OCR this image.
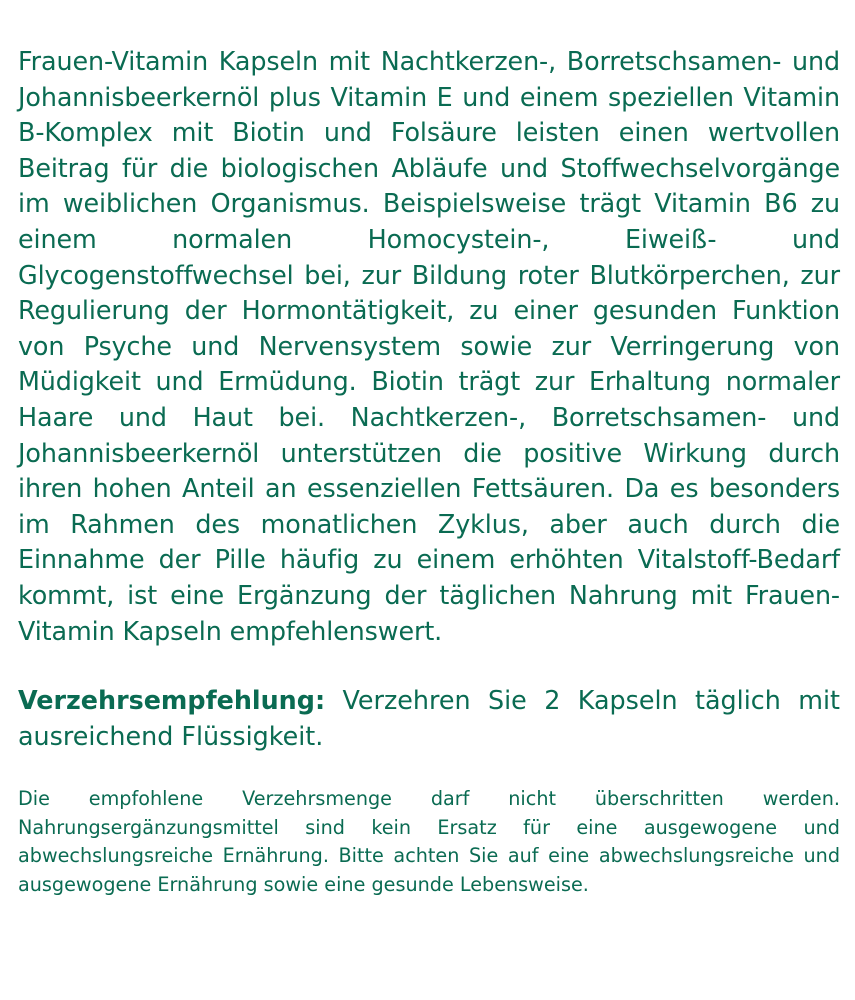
Frauen-Vitamin Kapseln mit Nachtkerzen-, Borretschsamen- und Johannisbeerkernöl plus Vitamin E und einem speziellen Vitamin B-Komplex mit Biotin und Folsäure leisten einen wertvollen Beitrag für die biologischen Abläufe und Stoffwechselvorgänge im weiblichen Organismus. Beispielsweise trägt Vitamin B6 zu einem normalen Homocystein-, Eiweiß- und Glycogenstoffwechsel bei, zur Bildung roter Blutkörperchen, zur Regulierung der Hormontätigkeit, zu einer gesunden Funktion von Psyche und Nervensystem sowie zur Verringerung von Müdigkeit und Ermüdung. Biotin trägt zur Erhaltung normaler Haare und Haut bei. Nachtkerzen-, Borretschsamen- und Johannisbeerkernöl unterstützen die positive Wirkung durch ihren hohen Anteil an essenziellen Fettsäuren. Da es besonders im Rahmen des monatlichen Zyklus, aber auch durch die Einnahme der Pille häufig zu einem erhöhten Vitalstoff-Bedarf kommt, ist eine Ergänzung der täglichen Nahrung mit Frauen-Vitamin Kapseln empfehlenswert.

Verzehrsempfehlung: Verzehren Sie 2 Kapseln täglich mit ausreichend Flüssigkeit.

Die empfohlene Verzehrsmenge darf nicht überschritten werden. Nahrungsergänzungsmittel sind kein Ersatz für eine ausgewogene und abwechslungsreiche Ernährung. Bitte achten Sie auf eine abwechslungsreiche und ausgewogene Ernährung sowie eine gesunde Lebensweise.
